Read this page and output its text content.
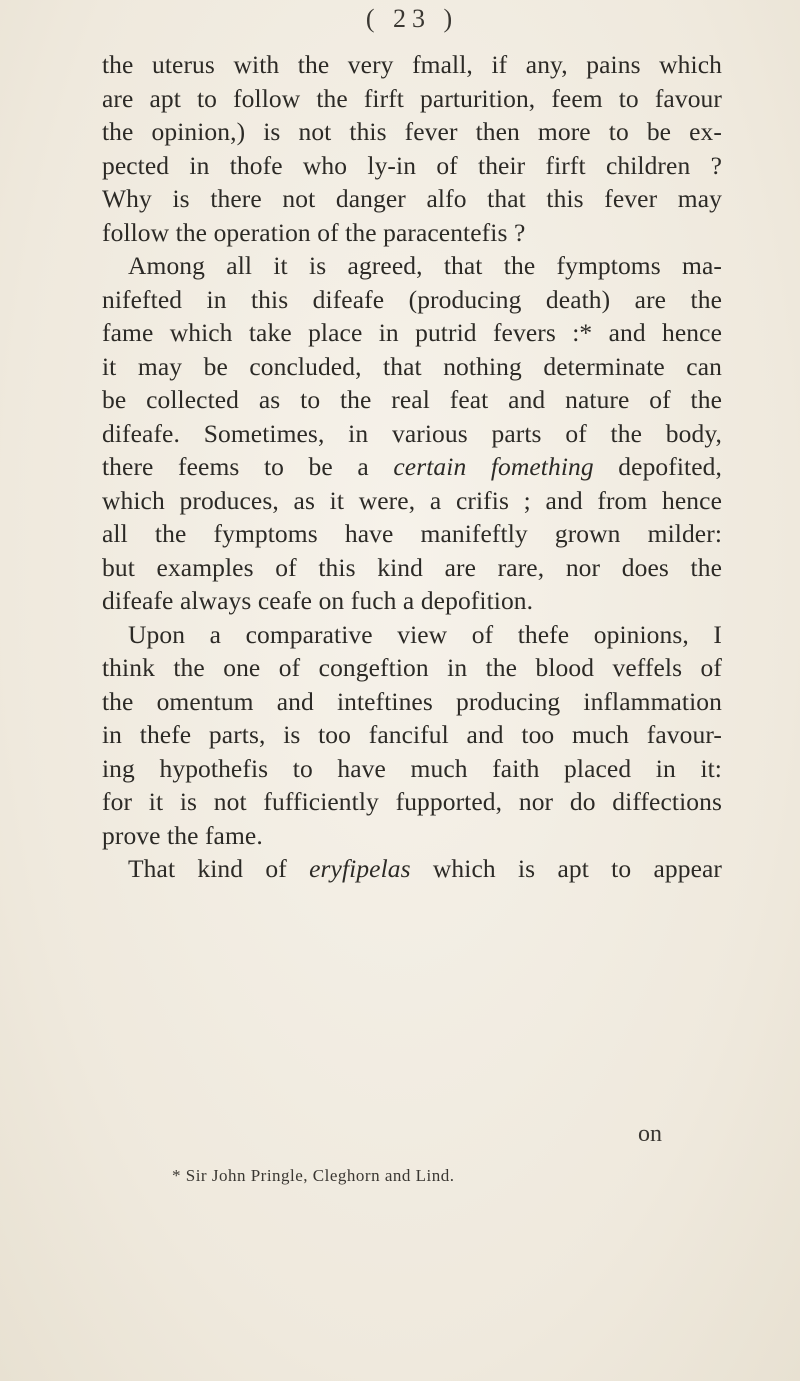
( 23 )
the uterus with the very fmall, if any, pains which
are apt to follow the firft parturition, feem to favour
the opinion,) is not this fever then more to be ex-
pected in thofe who ly-in of their firft children ?
Why is there not danger alfo that this fever may
follow the operation of the paracentefis ?
Among all it is agreed, that the fymptoms ma-
nifefted in this difeafe (producing death) are the
fame which take place in putrid fevers :* and hence
it may be concluded, that nothing determinate can
be collected as to the real feat and nature of the
difeafe. Sometimes, in various parts of the body,
there feems to be a certain fomething depofited,
which produces, as it were, a crifis ; and from hence
all the fymptoms have manifeftly grown milder:
but examples of this kind are rare, nor does the
difeafe always ceafe on fuch a depofition.
Upon a comparative view of thefe opinions, I
think the one of congeftion in the blood veffels of
the omentum and inteftines producing inflammation
in thefe parts, is too fanciful and too much favour-
ing hypothefis to have much faith placed in it:
for it is not fufficiently fupported, nor do diffections
prove the fame.
That kind of eryfipelas which is apt to appear
on
* Sir John Pringle, Cleghorn and Lind.
